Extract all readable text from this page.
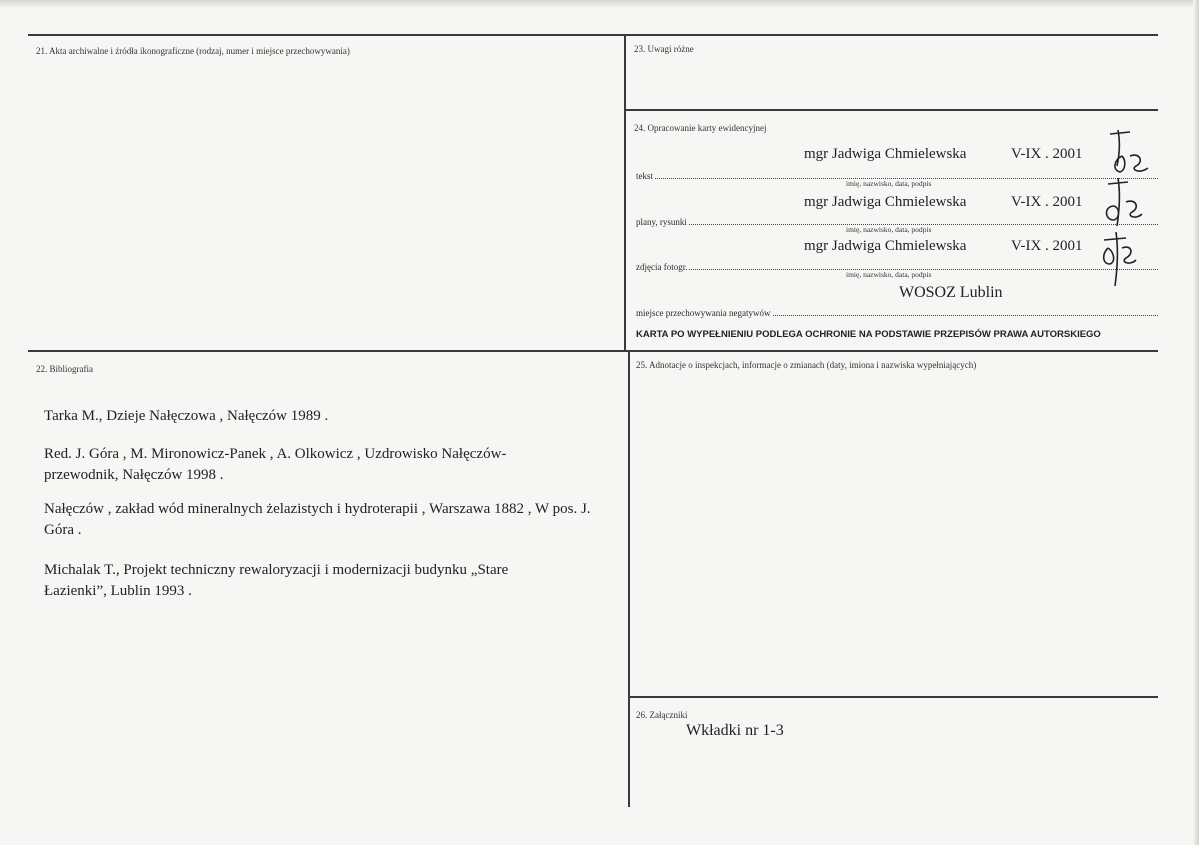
21. Akta archiwalne i źródła ikonograficzne (rodzaj, numer i miejsce przechowywania)	23. Uwagi różne
24. Opracowanie karty ewidencyjnej
mgr Jadwiga Chmielewska	V-IX . 2001
tekst
imię, nazwisko, data, podpis
mgr Jadwiga Chmielewska	V-IX . 2001
plany, rysunki
imię, nazwisko, data, podpis
mgr Jadwiga Chmielewska	V-IX . 2001
zdjęcia fotogr.
imię, nazwisko, data, podpis
WOSOZ Lublin
miejsce przechowywania negatywów
KARTA PO WYPEŁNIENIU PODLEGA OCHRONIE NA PODSTAWIE PRZEPISÓW PRAWA AUTORSKIEGO
22. Bibliografia
Tarka M., Dzieje Nałęczowa , Nałęczów 1989 .
Red. J. Góra , M. Mironowicz-Panek , A. Olkowicz , Uzdrowisko Nałęczów-przewodnik, Nałęczów 1998 .
Nałęczów , zakład wód mineralnych żelazistych i hydroterapii , Warszawa 1882 , W pos. J. Góra .
Michalak T., Projekt techniczny rewaloryzacji i modernizacji budynku „Stare Łazienki”, Lublin 1993 .
25. Adnotacje o inspekcjach, informacje o zmianach (daty, imiona i nazwiska wypełniających)
26. Załączniki
Wkładki nr 1-3
